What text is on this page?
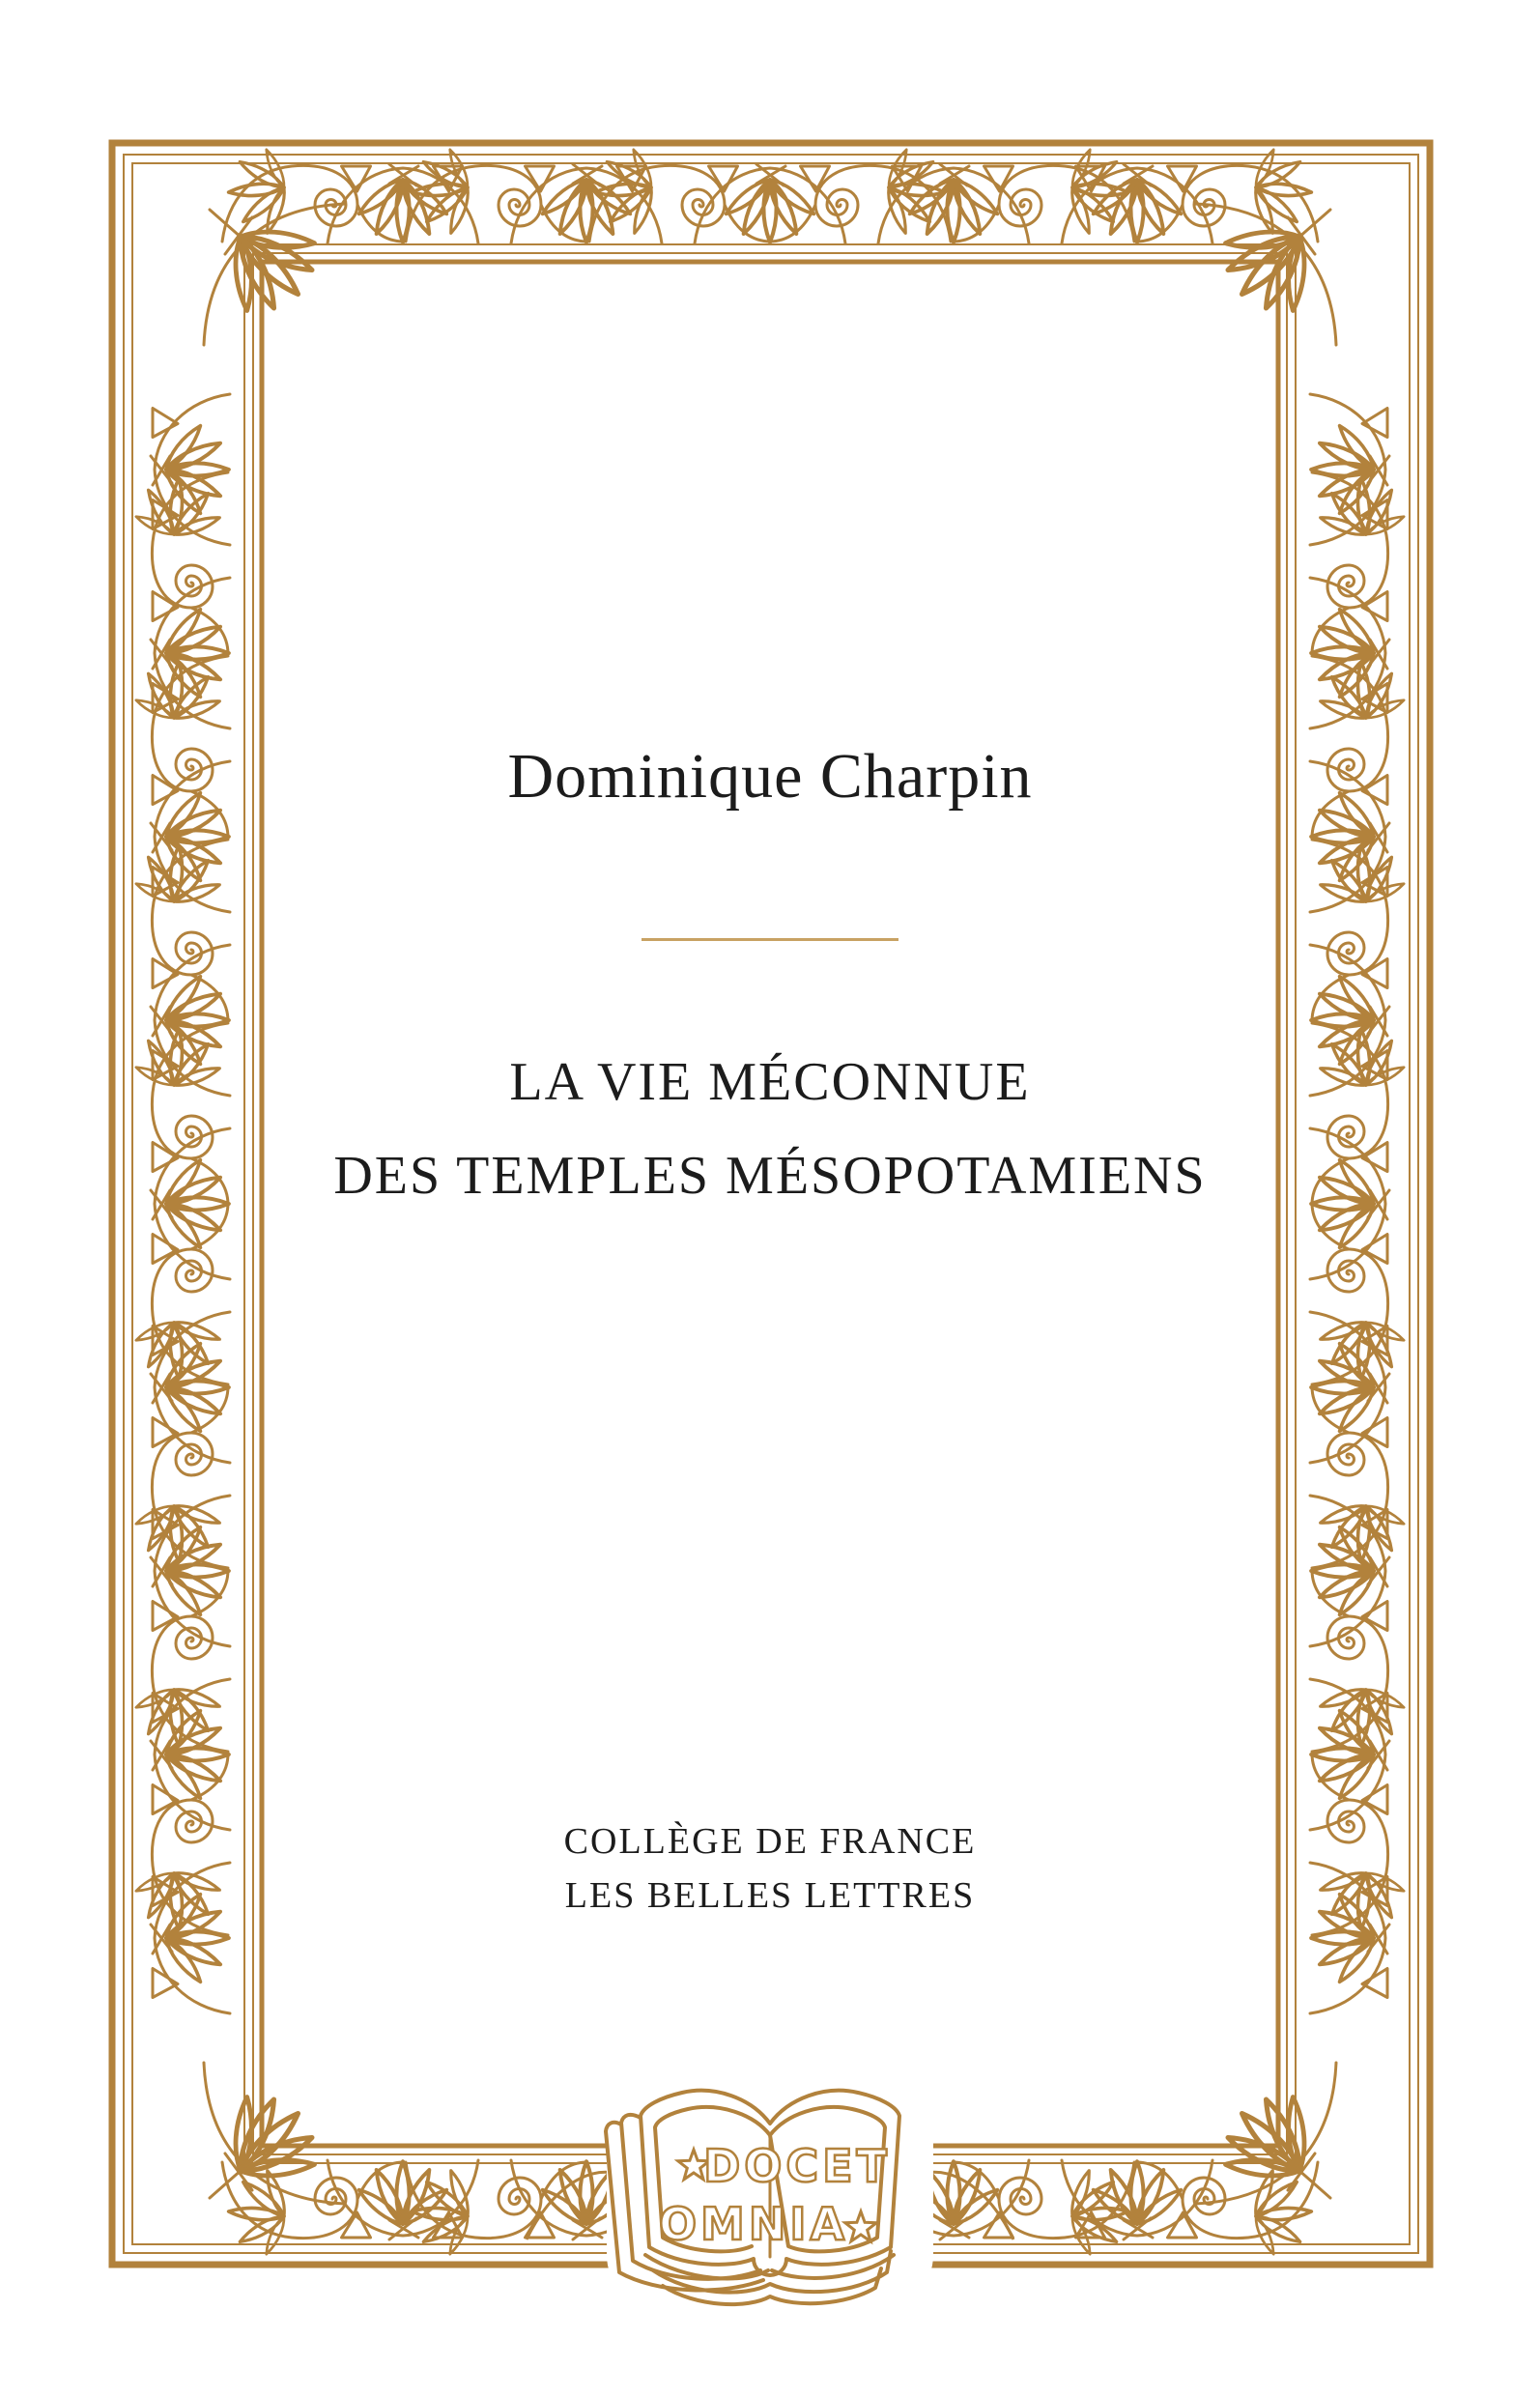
DOCET
OMNIA
Dominique Charpin
LA VIE MÉCONNUE
DES TEMPLES MÉSOPOTAMIENS
COLLÈGE DE FRANCE
LES BELLES LETTRES
